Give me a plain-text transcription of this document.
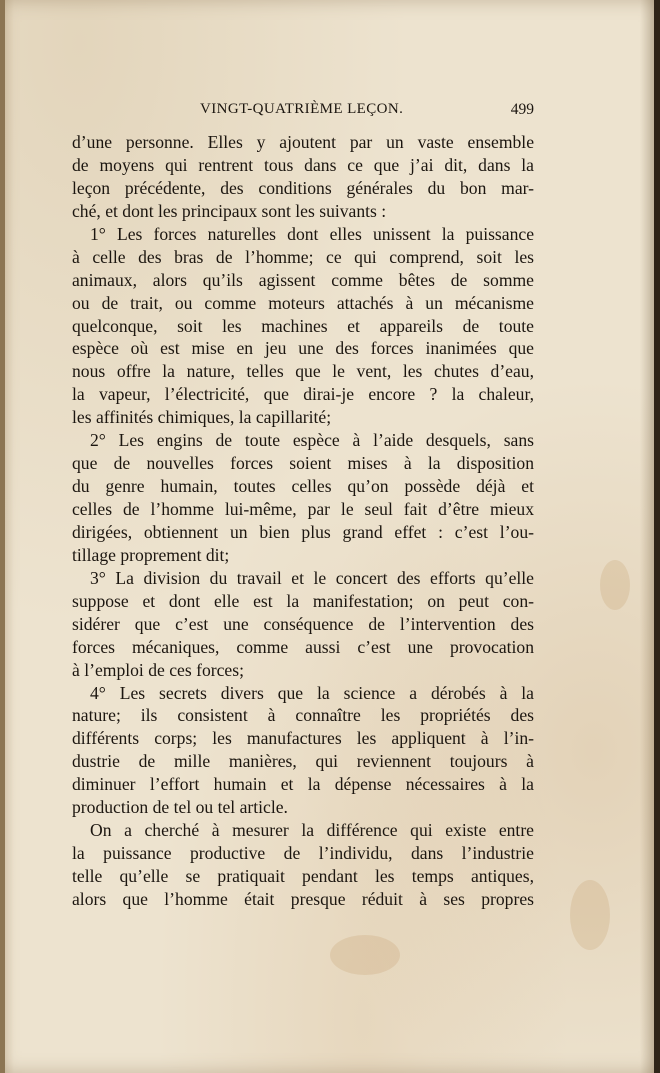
VINGT-QUATRIÈME LEÇON.	499
d’une personne. Elles y ajoutent par un vaste ensemble
de moyens qui rentrent tous dans ce que j’ai dit, dans la
leçon précédente, des conditions générales du bon mar-
ché, et dont les principaux sont les suivants :
1° Les forces naturelles dont elles unissent la puissance
à celle des bras de l’homme; ce qui comprend, soit les
animaux, alors qu’ils agissent comme bêtes de somme
ou de trait, ou comme moteurs attachés à un mécanisme
quelconque, soit les machines et appareils de toute
espèce où est mise en jeu une des forces inanimées que
nous offre la nature, telles que le vent, les chutes d’eau,
la vapeur, l’électricité, que dirai-je encore ? la chaleur,
les affinités chimiques, la capillarité;
2° Les engins de toute espèce à l’aide desquels, sans
que de nouvelles forces soient mises à la disposition
du genre humain, toutes celles qu’on possède déjà et
celles de l’homme lui-même, par le seul fait d’être mieux
dirigées, obtiennent un bien plus grand effet : c’est l’ou-
tillage proprement dit;
3° La division du travail et le concert des efforts qu’elle
suppose et dont elle est la manifestation; on peut con-
sidérer que c’est une conséquence de l’intervention des
forces mécaniques, comme aussi c’est une provocation
à l’emploi de ces forces;
4° Les secrets divers que la science a dérobés à la
nature; ils consistent à connaître les propriétés des
différents corps; les manufactures les appliquent à l’in-
dustrie de mille manières, qui reviennent toujours à
diminuer l’effort humain et la dépense nécessaires à la
production de tel ou tel article.
On a cherché à mesurer la différence qui existe entre
la puissance productive de l’individu, dans l’industrie
telle qu’elle se pratiquait pendant les temps antiques,
alors que l’homme était presque réduit à ses propres
